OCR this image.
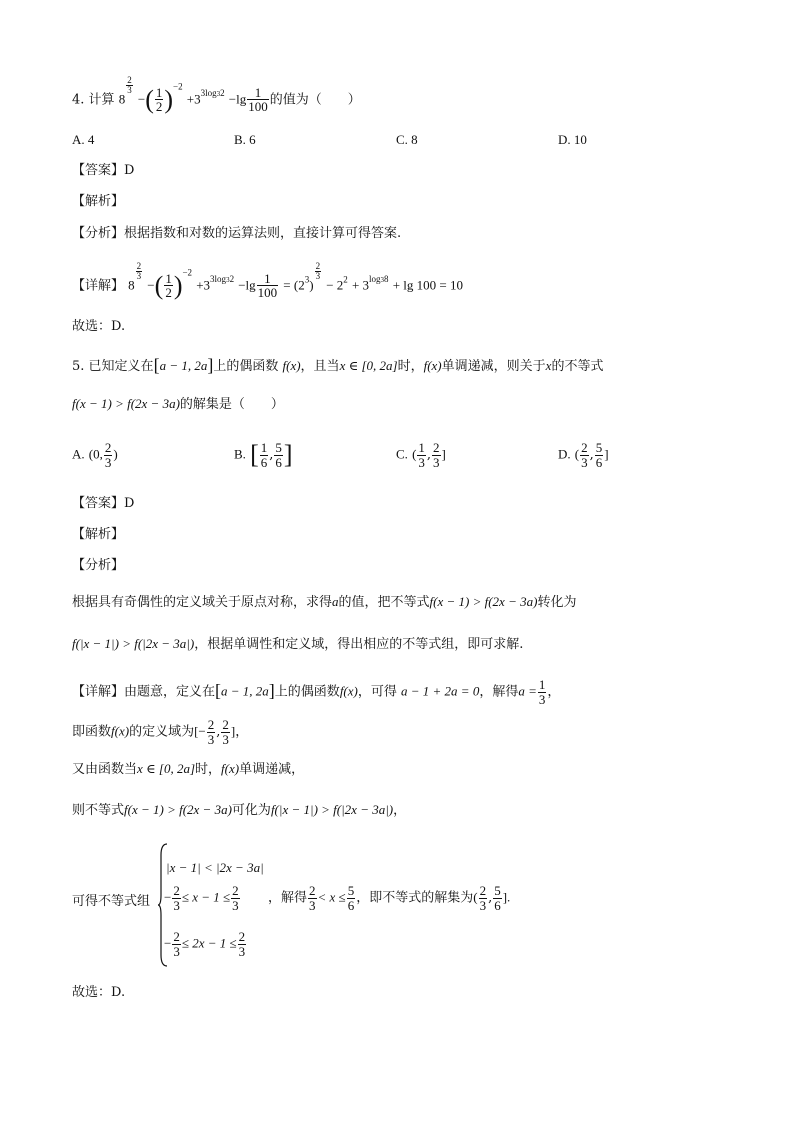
4. 计算 8
$\frac{2}{3}$
−( $\frac{1}{2} )^{-2} +3^{3log32} -\lg \frac{1}{100}$ 的值为（　　）
A. 4	B. 6	C. 8	D. 10
【答案】D
【解析】
【分析】根据指数和对数的运算法则，直接计算可得答案.
【详解】 8
$\frac{2}{3}$
−( $\frac{1}{2} )^{-2} +3^{3log32} -\lg \frac{1}{100} = (2^3)$
$\frac{2}{3}$
− $2^2 + 3^{log38} + \lg 100 = 10$
故选：D.
5. 已知定义在[a − 1, 2a]上的偶函数 f(x)，且当x ∈ [0, 2a]时，f(x)单调递减，则关于x的不等式
f(x − 1) > f(2x − 3a)的解集是（　　）
A. (0, $\frac{2}{3}$ )	B. [ $\frac{1}{6}$ , $\frac{5}{6}$ ]	C. ( $\frac{1}{3}$ , $\frac{2}{3}$ ]	D. ( $\frac{2}{3}$ , $\frac{5}{6}$ ]
【答案】D
【解析】
【分析】
根据具有奇偶性的定义域关于原点对称，求得a的值，把不等式f(x − 1) > f(2x − 3a)转化为
f(|x − 1|) > f(|2x − 3a|)，根据单调性和定义域，得出相应的不等式组，即可求解.
【详解】由题意，定义在[a − 1, 2a]上的偶函数f(x)，可得 a − 1 + 2a = 0，解得$a = \frac{1}{3}$ ，
即函数f(x)的定义域为[− $\frac{2}{3}$ , $\frac{2}{3}$ ]，
又由函数当x ∈ [0, 2a]时，f(x)单调递减，
则不等式f(x − 1) > f(2x − 3a)可化为f(|x − 1|) > f(|2x − 3a|)，
可得不等式组
|x − 1| < |2x − 3a|
− $\frac{2}{3} \le x - 1 \le \frac{2}{3}$
− $\frac{2}{3} \le 2x - 1 \le \frac{2}{3}$
，解得 $\frac{2}{3} < x \le \frac{5}{6}$ ，即不等式的解集为( $\frac{2}{3}$ , $\frac{5}{6}$ ].
故选：D.
